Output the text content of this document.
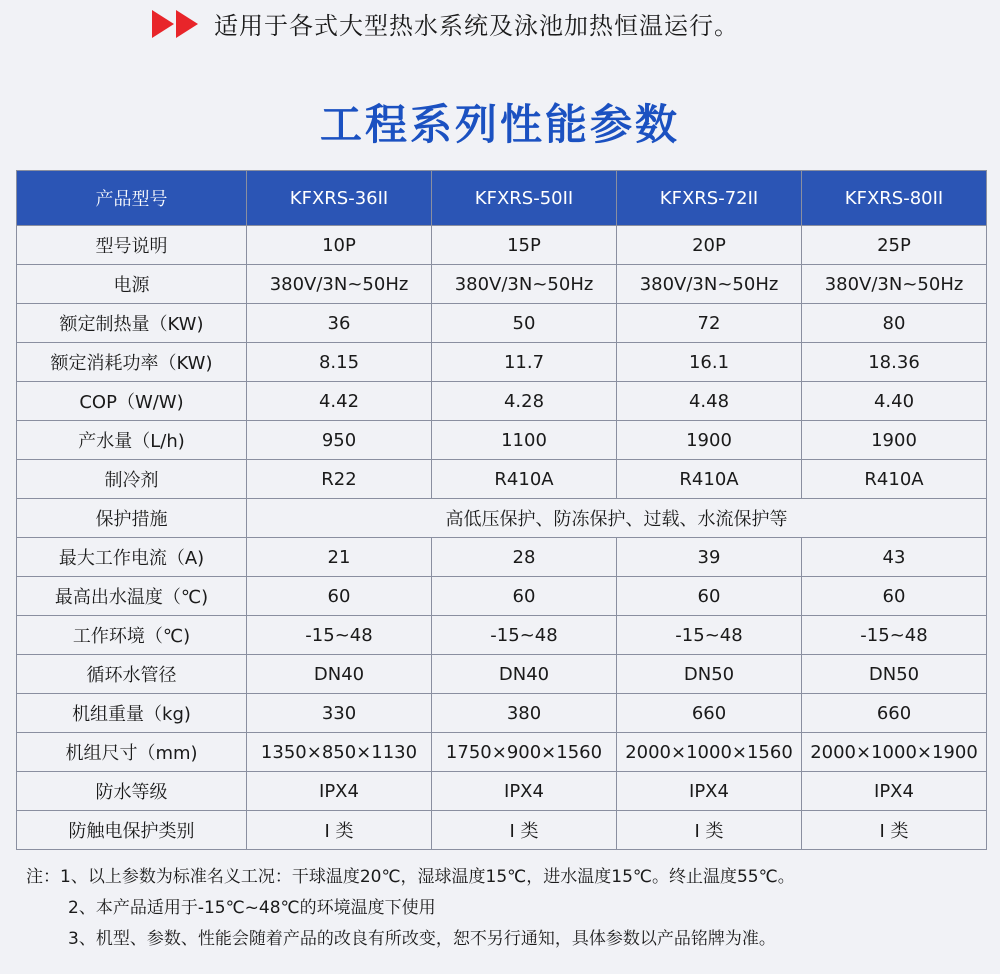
适用于各式大型热水系统及泳池加热恒温运行。
工程系列性能参数
产品型号	KFXRS-36II	KFXRS-50II	KFXRS-72II	KFXRS-80II
型号说明	10P	15P	20P	25P
电源	380V/3N~50Hz	380V/3N~50Hz	380V/3N~50Hz	380V/3N~50Hz
额定制热量（KW)	36	50	72	80
额定消耗功率（KW)	8.15	11.7	16.1	18.36
COP（W/W)	4.42	4.28	4.48	4.40
产水量（L/h)	950	1100	1900	1900
制冷剂	R22	R410A	R410A	R410A
保护措施	高低压保护、防冻保护、过载、水流保护等			
最大工作电流（A)	21	28	39	43
最高出水温度（℃)	60	60	60	60
工作环境（℃)	-15~48	-15~48	-15~48	-15~48
循环水管径	DN40	DN40	DN50	DN50
机组重量（kg)	330	380	660	660
机组尺寸（mm)	1350×850×1130	1750×900×1560	2000×1000×1560	2000×1000×1900
防水等级	IPX4	IPX4	IPX4	IPX4
防触电保护类别	I 类	I 类	I 类	I 类
注：1、以上参数为标准名义工况：干球温度20℃，湿球温度15℃，进水温度15℃。终止温度55℃。
2、本产品适用于-15℃~48℃的环境温度下使用
3、机型、参数、性能会随着产品的改良有所改变，恕不另行通知，具体参数以产品铭牌为准。
